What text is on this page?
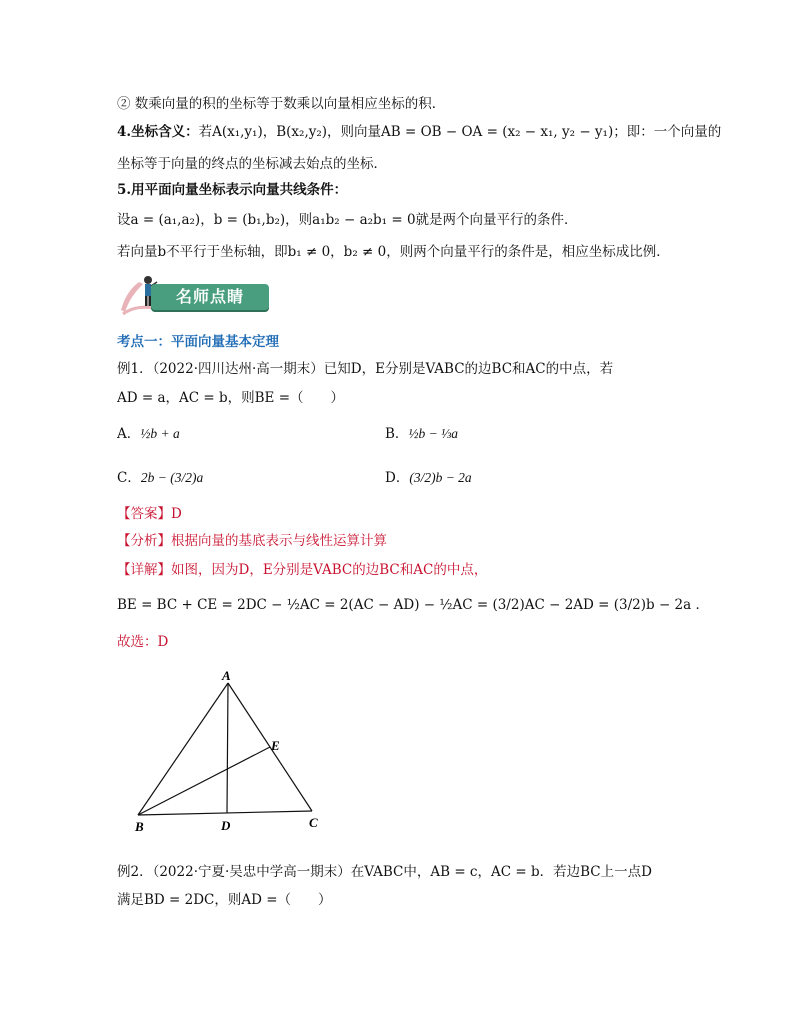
② 数乘向量的积的坐标等于数乘以向量相应坐标的积．
4.坐标含义：若A(x₁,y₁)，B(x₂,y₂)，则向量AB = OB − OA = (x₂ − x₁, y₂ − y₁)；即：一个向量的
坐标等于向量的终点的坐标减去始点的坐标．
5.用平面向量坐标表示向量共线条件：
设a = (a₁,a₂)，b = (b₁,b₂)，则a₁b₂ − a₂b₁ = 0就是两个向量平行的条件．
若向量b不平行于坐标轴，即b₁ ≠ 0，b₂ ≠ 0，则两个向量平行的条件是，相应坐标成比例．
名师点睛
考点一：平面向量基本定理
例1．（2022·四川达州·高一期末）已知D，E分别是VABC的边BC和AC的中点，若
AD = a，AC = b，则BE =（　　）
A．½b + a	B．½b − ⅓a
C．2b − (3/2)a	D．(3/2)b − 2a
【答案】D
【分析】根据向量的基底表示与线性运算计算
【详解】如图，因为D，E分别是VABC的边BC和AC的中点，
BE = BC + CE = 2DC − ½AC = 2(AC − AD) − ½AC = (3/2)AC − 2AD = (3/2)b − 2a ．
故选：D
A
B	C
D
E
例2．（2022·宁夏·吴忠中学高一期末）在VABC中，AB = c，AC = b．若边BC上一点D
满足BD = 2DC，则AD =（　　）
